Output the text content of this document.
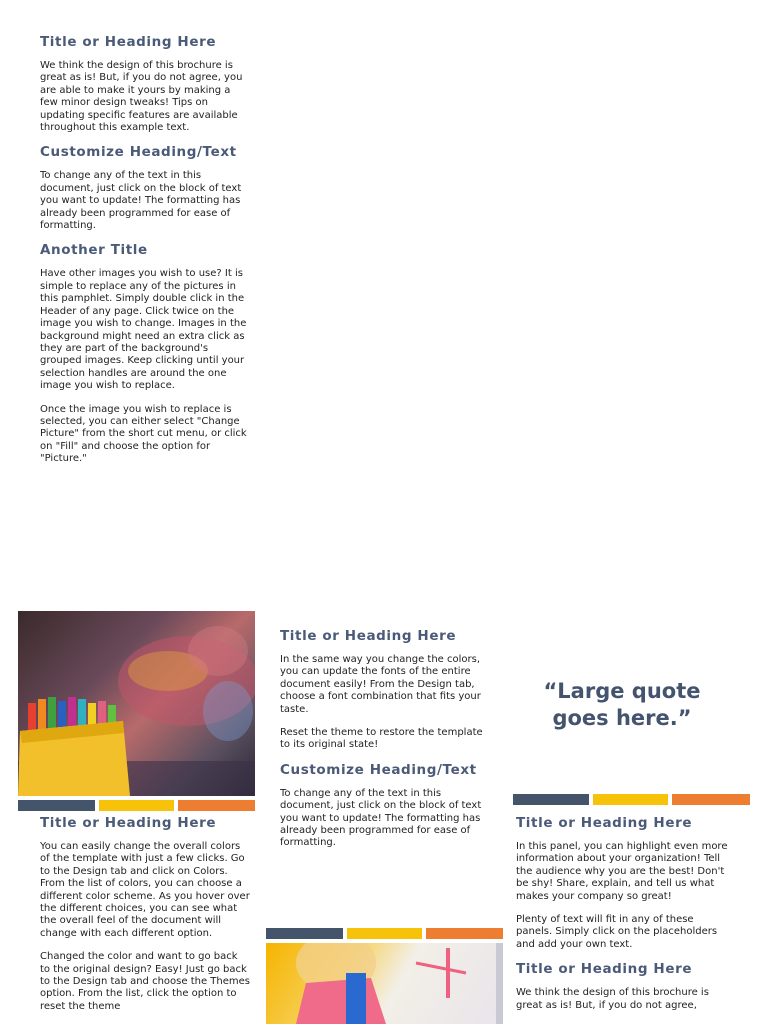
Title or Heading Here

We think the design of this brochure is great as is! But, if you do not agree, you are able to make it yours by making a few minor design tweaks! Tips on updating specific features are available throughout this example text.

Customize Heading/Text

To change any of the text in this document, just click on the block of text you want to update! The formatting has already been programmed for ease of formatting.

Another Title

Have other images you wish to use? It is simple to replace any of the pictures in this pamphlet. Simply double click in the Header of any page. Click twice on the image you wish to change. Images in the background might need an extra click as they are part of the background's grouped images. Keep clicking until your selection handles are around the one image you wish to replace.

Once the image you wish to replace is selected, you can either select "Change Picture" from the short cut menu, or click on "Fill" and choose the option for "Picture."

Title or Heading Here

You can easily change the overall colors of the template with just a few clicks. Go to the Design tab and click on Colors. From the list of colors, you can choose a different color scheme. As you hover over the different choices, you can see what the overall feel of the document will change with each different option.

Changed the color and want to go back to the original design? Easy! Just go back to the Design tab and choose the Themes option. From the list, click the option to reset the theme

Title or Heading Here

In the same way you change the colors, you can update the fonts of the entire document easily! From the Design tab, choose a font combination that fits your taste.

Reset the theme to restore the template to its original state!

Customize Heading/Text

To change any of the text in this document, just click on the block of text you want to update! The formatting has already been programmed for ease of formatting.

“Large quote goes here.”
Title or Heading Here

In this panel, you can highlight even more information about your organization! Tell the audience why you are the best! Don't be shy! Share, explain, and tell us what makes your company so great!

Plenty of text will fit in any of these panels. Simply click on the placeholders and add your own text.

Title or Heading Here

We think the design of this brochure is great as is! But, if you do not agree,
